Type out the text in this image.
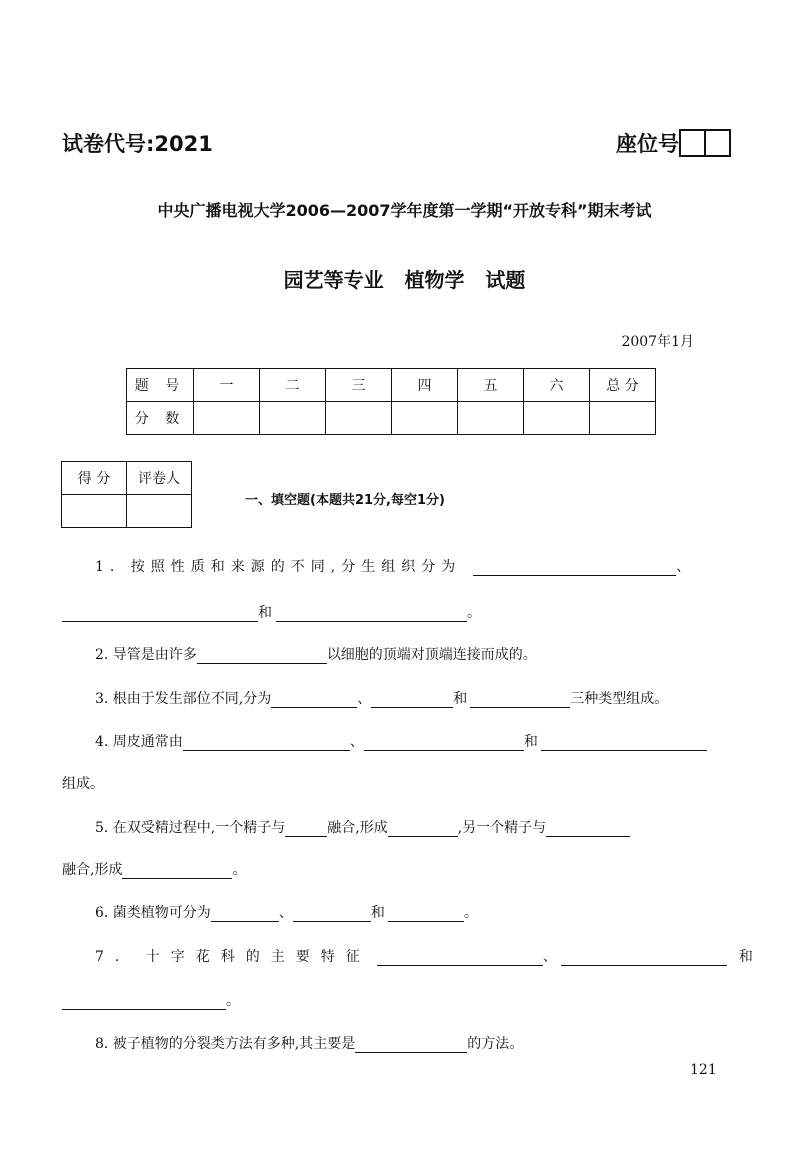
试卷代号:2021	座位号
中央广播电视大学2006—2007学年度第一学期“开放专科”期末考试
园艺等专业   植物学   试题
2007年1月
题 号	一	二	三	四	五	六	总 分
分 数							
得 分	评卷人

一、填空题(本题共21分,每空1分)
1. 按照性质和来源的不同,分生组织分为	、
和	。
2. 导管是由许多	以细胞的顶端对顶端连接而成的。
3. 根由于发生部位不同,分为	、	和	三种类型组成。
4. 周皮通常由	、	和
组成。
5. 在双受精过程中,一个精子与	融合,形成	,另一个精子与
融合,形成	。
6. 菌类植物可分为	、	和	。
7. 十字花科的主要特征	、	和
。
8. 被子植物的分裂类方法有多种,其主要是	的方法。
121
